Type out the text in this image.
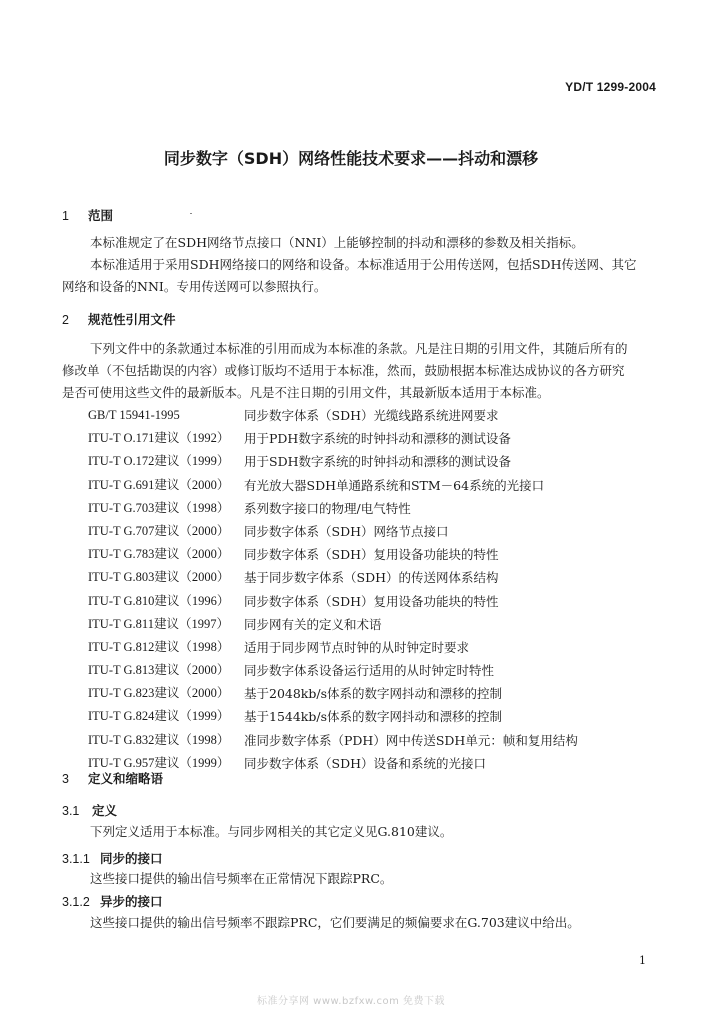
YD/T 1299-2004
同步数字（SDH）网络性能技术要求——抖动和漂移
1 范围
本标准规定了在SDH网络节点接口（NNI）上能够控制的抖动和漂移的参数及相关指标。
本标准适用于采用SDH网络接口的网络和设备。本标准适用于公用传送网，包括SDH传送网、其它
网络和设备的NNI。专用传送网可以参照执行。
2 规范性引用文件
下列文件中的条款通过本标准的引用而成为本标准的条款。凡是注日期的引用文件，其随后所有的
修改单（不包括勘误的内容）或修订版均不适用于本标准，然而，鼓励根据本标准达成协议的各方研究
是否可使用这些文件的最新版本。凡是不注日期的引用文件，其最新版本适用于本标准。
GB/T 15941-1995	同步数字体系（SDH）光缆线路系统进网要求
ITU-T O.171建议（1992） 用于PDH数字系统的时钟抖动和漂移的测试设备
ITU-T O.172建议（1999） 用于SDH数字系统的时钟抖动和漂移的测试设备
ITU-T G.691建议（2000） 有光放大器SDH单通路系统和STM－64系统的光接口
ITU-T G.703建议（1998） 系列数字接口的物理/电气特性
ITU-T G.707建议（2000） 同步数字体系（SDH）网络节点接口
ITU-T G.783建议（2000） 同步数字体系（SDH）复用设备功能块的特性
ITU-T G.803建议（2000） 基于同步数字体系（SDH）的传送网体系结构
ITU-T G.810建议（1996） 同步数字体系（SDH）复用设备功能块的特性
ITU-T G.811建议（1997） 同步网有关的定义和术语
ITU-T G.812建议（1998） 适用于同步网节点时钟的从时钟定时要求
ITU-T G.813建议（2000） 同步数字体系设备运行适用的从时钟定时特性
ITU-T G.823建议（2000） 基于2048kb/s体系的数字网抖动和漂移的控制
ITU-T G.824建议（1999） 基于1544kb/s体系的数字网抖动和漂移的控制
ITU-T G.832建议（1998） 准同步数字体系（PDH）网中传送SDH单元：帧和复用结构
ITU-T G.957建议（1999） 同步数字体系（SDH）设备和系统的光接口
3 定义和缩略语
3.1 定义
下列定义适用于本标准。与同步网相关的其它定义见G.810建议。
3.1.1 同步的接口
这些接口提供的输出信号频率在正常情况下跟踪PRC。
3.1.2 异步的接口
这些接口提供的输出信号频率不跟踪PRC，它们要满足的频偏要求在G.703建议中给出。
1
标准分享网 www.bzfxw.com 免费下载
